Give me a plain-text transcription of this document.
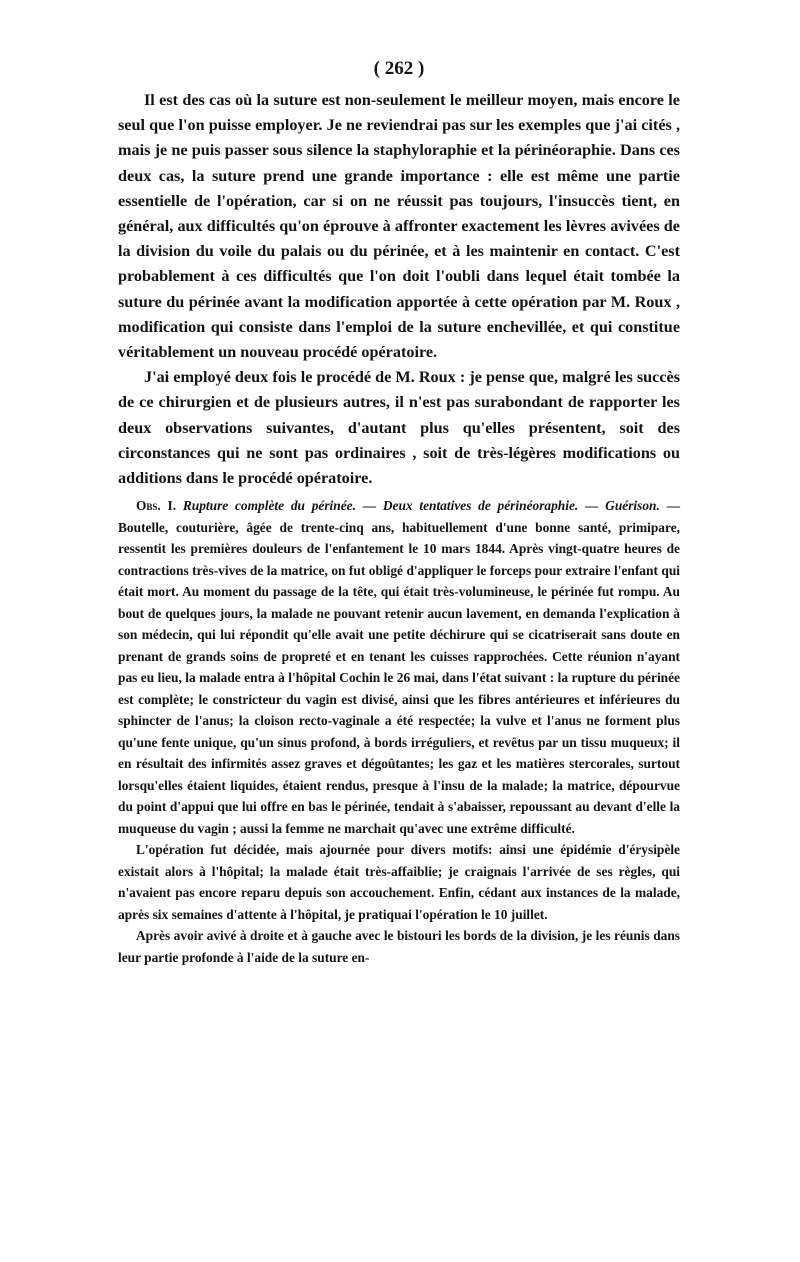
( 262 )

Il est des cas où la suture est non-seulement le meilleur moyen, mais encore le seul que l'on puisse employer. Je ne reviendrai pas sur les exemples que j'ai cités , mais je ne puis passer sous silence la staphyloraphie et la périnéoraphie. Dans ces deux cas, la suture prend une grande importance : elle est même une partie essentielle de l'opération, car si on ne réussit pas toujours, l'insuccès tient, en général, aux difficultés qu'on éprouve à affronter exactement les lèvres avivées de la division du voile du palais ou du périnée, et à les maintenir en contact. C'est probablement à ces difficultés que l'on doit l'oubli dans lequel était tombée la suture du périnée avant la modification apportée à cette opération par M. Roux , modification qui consiste dans l'emploi de la suture enchevillée, et qui constitue véritablement un nouveau procédé opératoire.

J'ai employé deux fois le procédé de M. Roux : je pense que, malgré les succès de ce chirurgien et de plusieurs autres, il n'est pas surabondant de rapporter les deux observations suivantes, d'autant plus qu'elles présentent, soit des circonstances qui ne sont pas ordinaires , soit de très-légères modifications ou additions dans le procédé opératoire.

Obs. I. Rupture complète du périnée. — Deux tentatives de périnéoraphie. — Guérison. — Boutelle, couturière, âgée de trente-cinq ans, habituellement d'une bonne santé, primipare, ressentit les premières douleurs de l'enfantement le 10 mars 1844. Après vingt-quatre heures de contractions très-vives de la matrice, on fut obligé d'appliquer le forceps pour extraire l'enfant qui était mort. Au moment du passage de la tête, qui était très-volumineuse, le périnée fut rompu. Au bout de quelques jours, la malade ne pouvant retenir aucun lavement, en demanda l'explication à son médecin, qui lui répondit qu'elle avait une petite déchirure qui se cicatriserait sans doute en prenant de grands soins de propreté et en tenant les cuisses rapprochées. Cette réunion n'ayant pas eu lieu, la malade entra à l'hôpital Cochin le 26 mai, dans l'état suivant : la rupture du périnée est complète; le constricteur du vagin est divisé, ainsi que les fibres antérieures et inférieures du sphincter de l'anus; la cloison recto-vaginale a été respectée; la vulve et l'anus ne forment plus qu'une fente unique, qu'un sinus profond, à bords irréguliers, et revêtus par un tissu muqueux; il en résultait des infirmités assez graves et dégoûtantes; les gaz et les matières stercorales, surtout lorsqu'elles étaient liquides, étaient rendus, presque à l'insu de la malade; la matrice, dépourvue du point d'appui que lui offre en bas le périnée, tendait à s'abaisser, repoussant au devant d'elle la muqueuse du vagin ; aussi la femme ne marchait qu'avec une extrême difficulté.

L'opération fut décidée, mais ajournée pour divers motifs: ainsi une épidémie d'érysipèle existait alors à l'hôpital; la malade était très-affaiblie; je craignais l'arrivée de ses règles, qui n'avaient pas encore reparu depuis son accouchement. Enfin, cédant aux instances de la malade, après six semaines d'attente à l'hôpital, je pratiquai l'opération le 10 juillet.

Après avoir avivé à droite et à gauche avec le bistouri les bords de la division, je les réunis dans leur partie profonde à l'aide de la suture en-
